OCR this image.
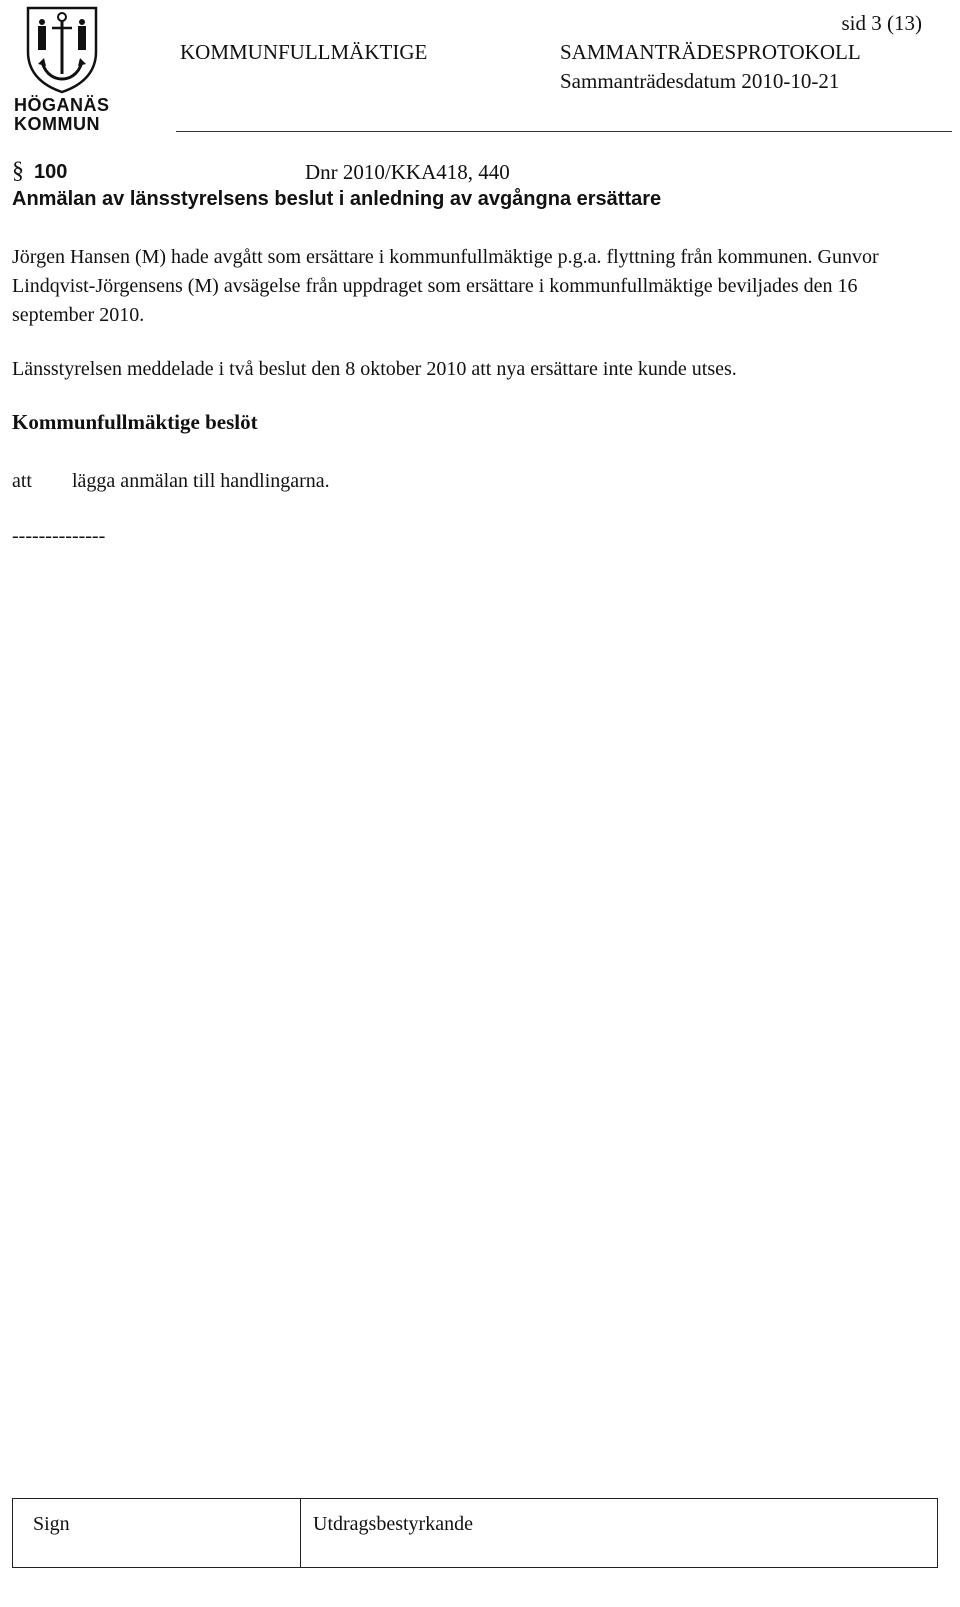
HÖGANÄS
KOMMUN
sid 3 (13)
KOMMUNFULLMÄKTIGE	SAMMANTRÄDESPROTOKOLL
Sammanträdesdatum 2010-10-21
§ 100	Dnr 2010/KKA418, 440
Anmälan av länsstyrelsens beslut i anledning av avgångna ersättare
Jörgen Hansen (M) hade avgått som ersättare i kommunfullmäktige p.g.a. flyttning från kommunen. Gunvor Lindqvist-Jörgensens (M) avsägelse från uppdraget som ersättare i kommunfullmäktige beviljades den 16 september 2010.
Länsstyrelsen meddelade i två beslut den 8 oktober 2010 att nya ersättare inte kunde utses.
Kommunfullmäktige beslöt
att lägga anmälan till handlingarna.
--------------
Sign	Utdragsbestyrkande
